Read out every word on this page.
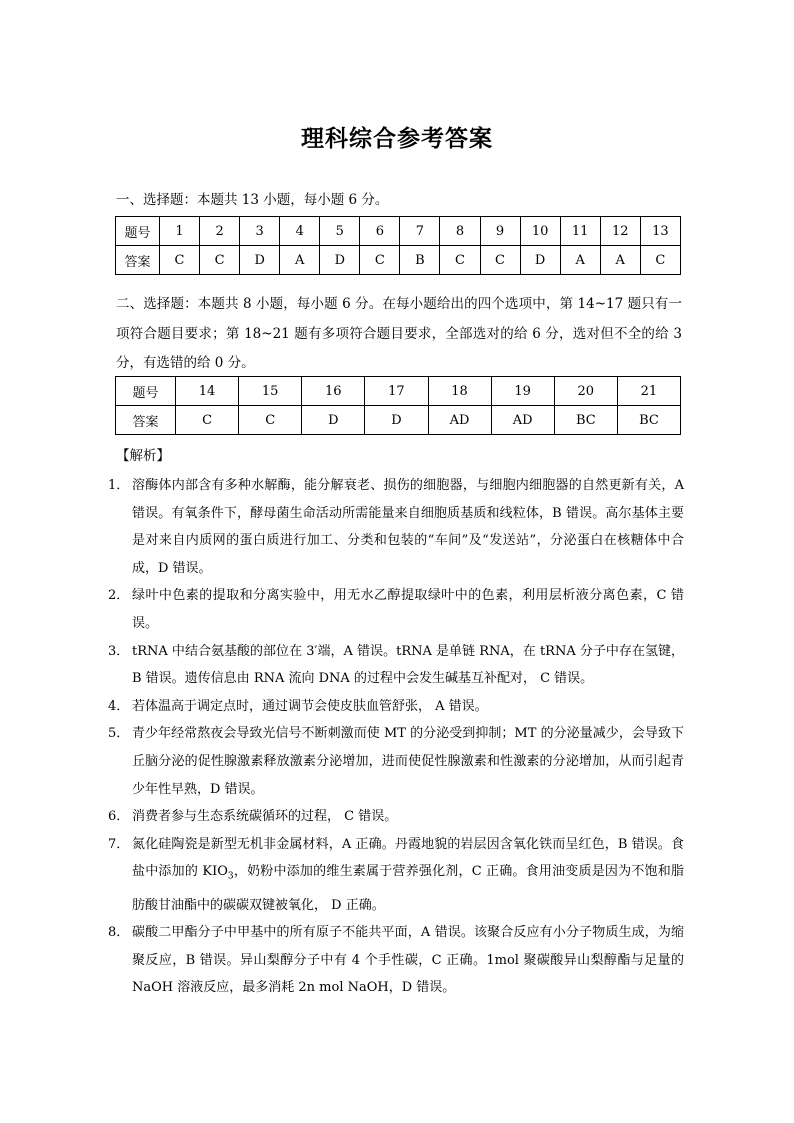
理科综合参考答案
一、选择题：本题共 13 小题，每小题 6 分。
题号	1	2	3	4	5	6	7	8	9	10	11	12	13
答案	C	C	D	A	D	C	B	C	C	D	A	A	C
二、选择题：本题共 8 小题，每小题 6 分。在每小题给出的四个选项中，第 14~17 题只有一项符合题目要求；第 18~21 题有多项符合题目要求，全部选对的给 6 分，选对但不全的给 3 分，有选错的给 0 分。
题号	14	15	16	17	18	19	20	21
答案	C	C	D	D	AD	AD	BC	BC
【解析】
1． 溶酶体内部含有多种水解酶，能分解衰老、损伤的细胞器，与细胞内细胞器的自然更新有关，A 错误。有氧条件下，酵母菌生命活动所需能量来自细胞质基质和线粒体，B 错误。高尔基体主要是对来自内质网的蛋白质进行加工、分类和包装的“车间”及“发送站”，分泌蛋白在核糖体中合成，D 错误。
2． 绿叶中色素的提取和分离实验中，用无水乙醇提取绿叶中的色素，利用层析液分离色素，C 错误。
3． tRNA 中结合氨基酸的部位在 3′端，A 错误。tRNA 是单链 RNA，在 tRNA 分子中存在氢键，B 错误。遗传信息由 RNA 流向 DNA 的过程中会发生碱基互补配对， C 错误。
4． 若体温高于调定点时，通过调节会使皮肤血管舒张， A 错误。
5． 青少年经常熬夜会导致光信号不断刺激而使 MT 的分泌受到抑制；MT 的分泌量减少，会导致下丘脑分泌的促性腺激素释放激素分泌增加，进而使促性腺激素和性激素的分泌增加，从而引起青少年性早熟，D 错误。
6． 消费者参与生态系统碳循环的过程， C 错误。
7． 氮化硅陶瓷是新型无机非金属材料，A 正确。丹霞地貌的岩层因含氧化铁而呈红色，B 错误。食盐中添加的 $KIO_3$，奶粉中添加的维生素属于营养强化剂，C 正确。食用油变质是因为不饱和脂肪酸甘油酯中的碳碳双键被氧化， D 正确。
8． 碳酸二甲酯分子中甲基中的所有原子不能共平面，A 错误。该聚合反应有小分子物质生成，为缩聚反应，B 错误。异山梨醇分子中有 4 个手性碳，C 正确。1mol 聚碳酸异山梨醇酯与足量的 NaOH 溶液反应，最多消耗 2n mol NaOH，D 错误。
